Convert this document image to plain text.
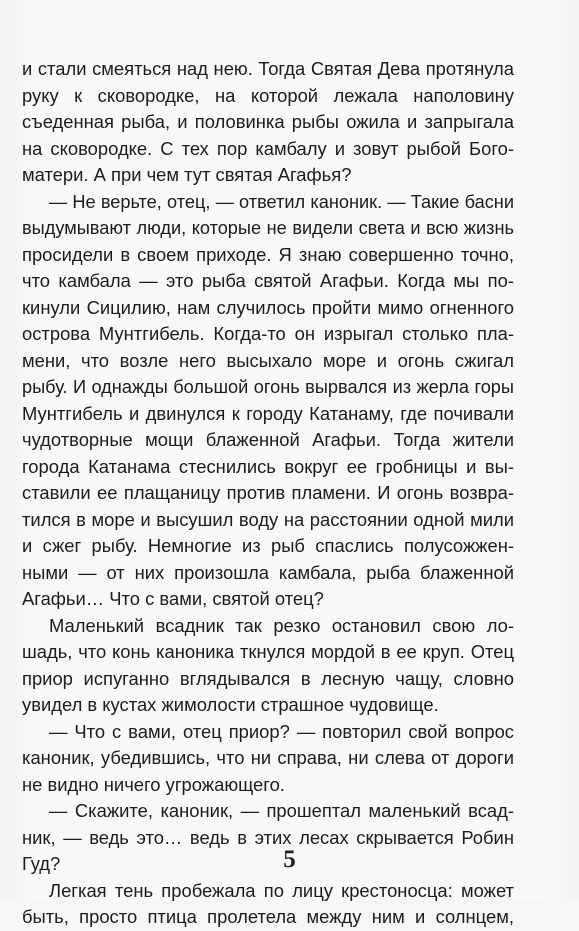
и стали смеяться над нею. Тогда Святая Дева протянула
руку к сковородке, на которой лежала наполовину
съеденная рыба, и половинка рыбы ожила и запрыгала
на сковородке. С тех пор камбалу и зовут рыбой Бого-
матери. А при чем тут святая Агафья?
— Не верьте, отец, — ответил каноник. — Такие басни
выдумывают люди, которые не видели света и всю жизнь
просидели в своем приходе. Я знаю совершенно точно,
что камбала — это рыба святой Агафьи. Когда мы по-
кинули Сицилию, нам случилось пройти мимо огненного
острова Мунтгибель. Когда-то он изрыгал столько пла-
мени, что возле него высыхало море и огонь сжигал
рыбу. И однажды большой огонь вырвался из жерла горы
Мунтгибель и двинулся к городу Катанаму, где почивали
чудотворные мощи блаженной Агафьи. Тогда жители
города Катанама стеснились вокруг ее гробницы и вы-
ставили ее плащаницу против пламени. И огонь возвра-
тился в море и высушил воду на расстоянии одной мили
и сжег рыбу. Немногие из рыб спаслись полусожжен-
ными — от них произошла камбала, рыба блаженной
Агафьи… Что с вами, святой отец?
Маленький всадник так резко остановил свою ло-
шадь, что конь каноника ткнулся мордой в ее круп. Отец
приор испуганно вглядывался в лесную чащу, словно
увидел в кустах жимолости страшное чудовище.
— Что с вами, отец приор? — повторил свой вопрос
каноник, убедившись, что ни справа, ни слева от дороги
не видно ничего угрожающего.
— Скажите, каноник, — прошептал маленький всад-
ник, — ведь это… ведь в этих лесах скрывается Робин
Гуд?
Легкая тень пробежала по лицу крестоносца: может
быть, просто птица пролетела между ним и солнцем,
5
